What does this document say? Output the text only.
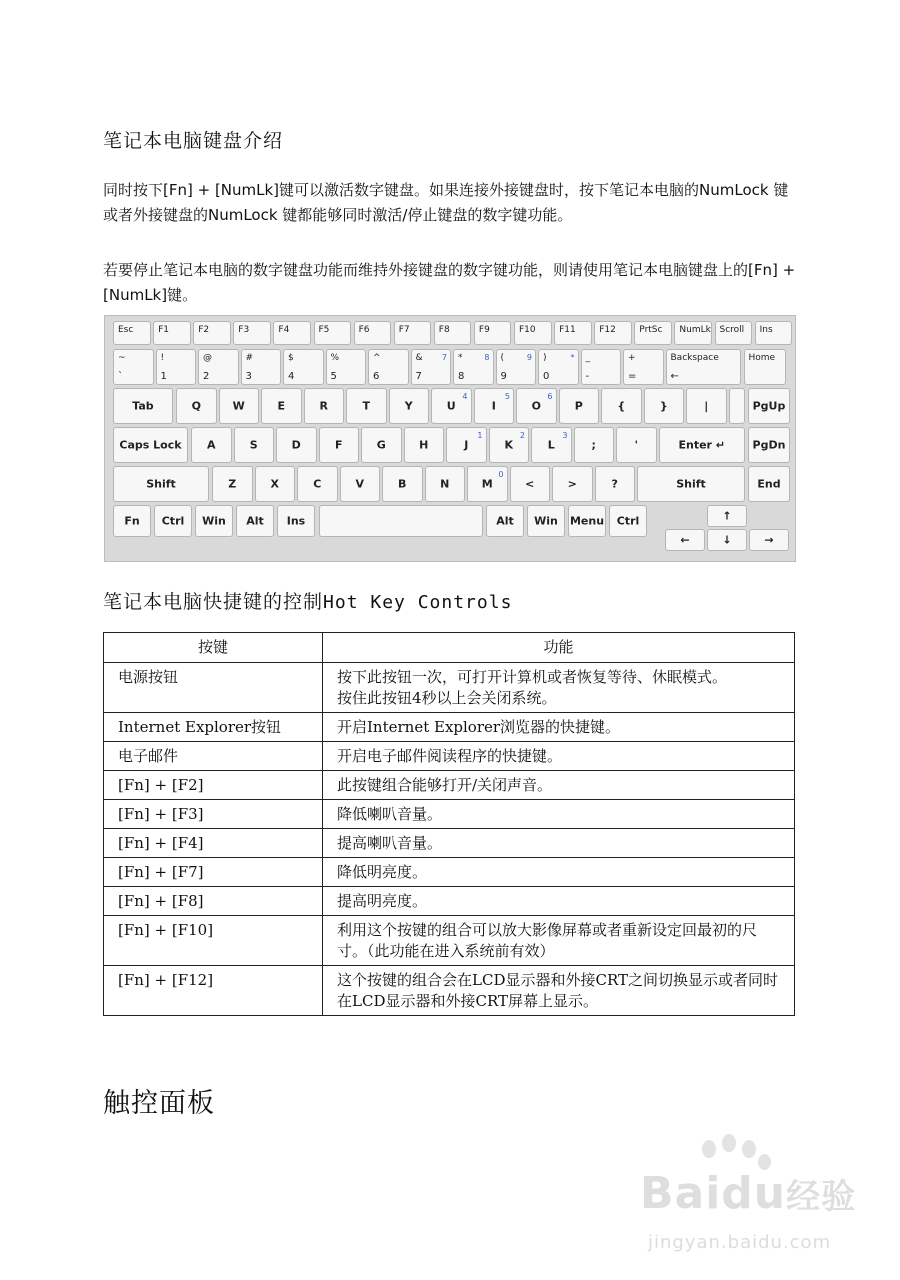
笔记本电脑键盘介绍
同时按下[Fn] + [NumLk]键可以激活数字键盘。如果连接外接键盘时，按下笔记本电脑的NumLock 键或者外接键盘的NumLock 键都能够同时激活/停止键盘的数字键功能。
若要停止笔记本电脑的数字键盘功能而维持外接键盘的数字键功能，则请使用笔记本电脑键盘上的[Fn] + [NumLk]键。
Esc	F1	F2	F3	F4	F5	F6	F7	F8	F9	F10	F11	F12	PrtSc NumLk Scroll Ins
~
`
!
1
@
2
#
3
$
4
%
5
^
6
&
7
7 *
8
8 (
9
9 )
0
* _
-
+
=
Backspace
←
Home
Tab	Q	W	E	R	T	Y	U
4
I
5
O
6
P	{	}	|	PgUp
Caps Lock	A	S	D	F	G	H	J
1
K
2
L
3
;	'	Enter ↵	PgDn
Shift	Z	X	C	V	B	N	M
0
<	>	?	Shift	End
Fn	Ctrl	Win	Alt	Ins	Alt	Win	Menu	Ctrl	↑
←	↓	→
笔记本电脑快捷键的控制Hot Key Controls
按键	功能
电源按钮	按下此按钮一次，可打开计算机或者恢复等待、休眠模式。
按住此按钮4秒以上会关闭系统。

Internet Explorer按钮	开启Internet Explorer浏览器的快捷键。

电子邮件	开启电子邮件阅读程序的快捷键。

[Fn] + [F2]	此按键组合能够打开/关闭声音。

[Fn] + [F3]	降低喇叭音量。

[Fn] + [F4]	提高喇叭音量。

[Fn] + [F7]	降低明亮度。

[Fn] + [F8]	提高明亮度。

[Fn] + [F10]	利用这个按键的组合可以放大影像屏幕或者重新设定回最初的尺寸。（此功能在进入系统前有效）

[Fn] + [F12]	这个按键的组合会在LCD显示器和外接CRT之间切换显示或者同时在LCD显示器和外接CRT屏幕上显示。
触控面板
Baidu经验
jingyan.baidu.com
